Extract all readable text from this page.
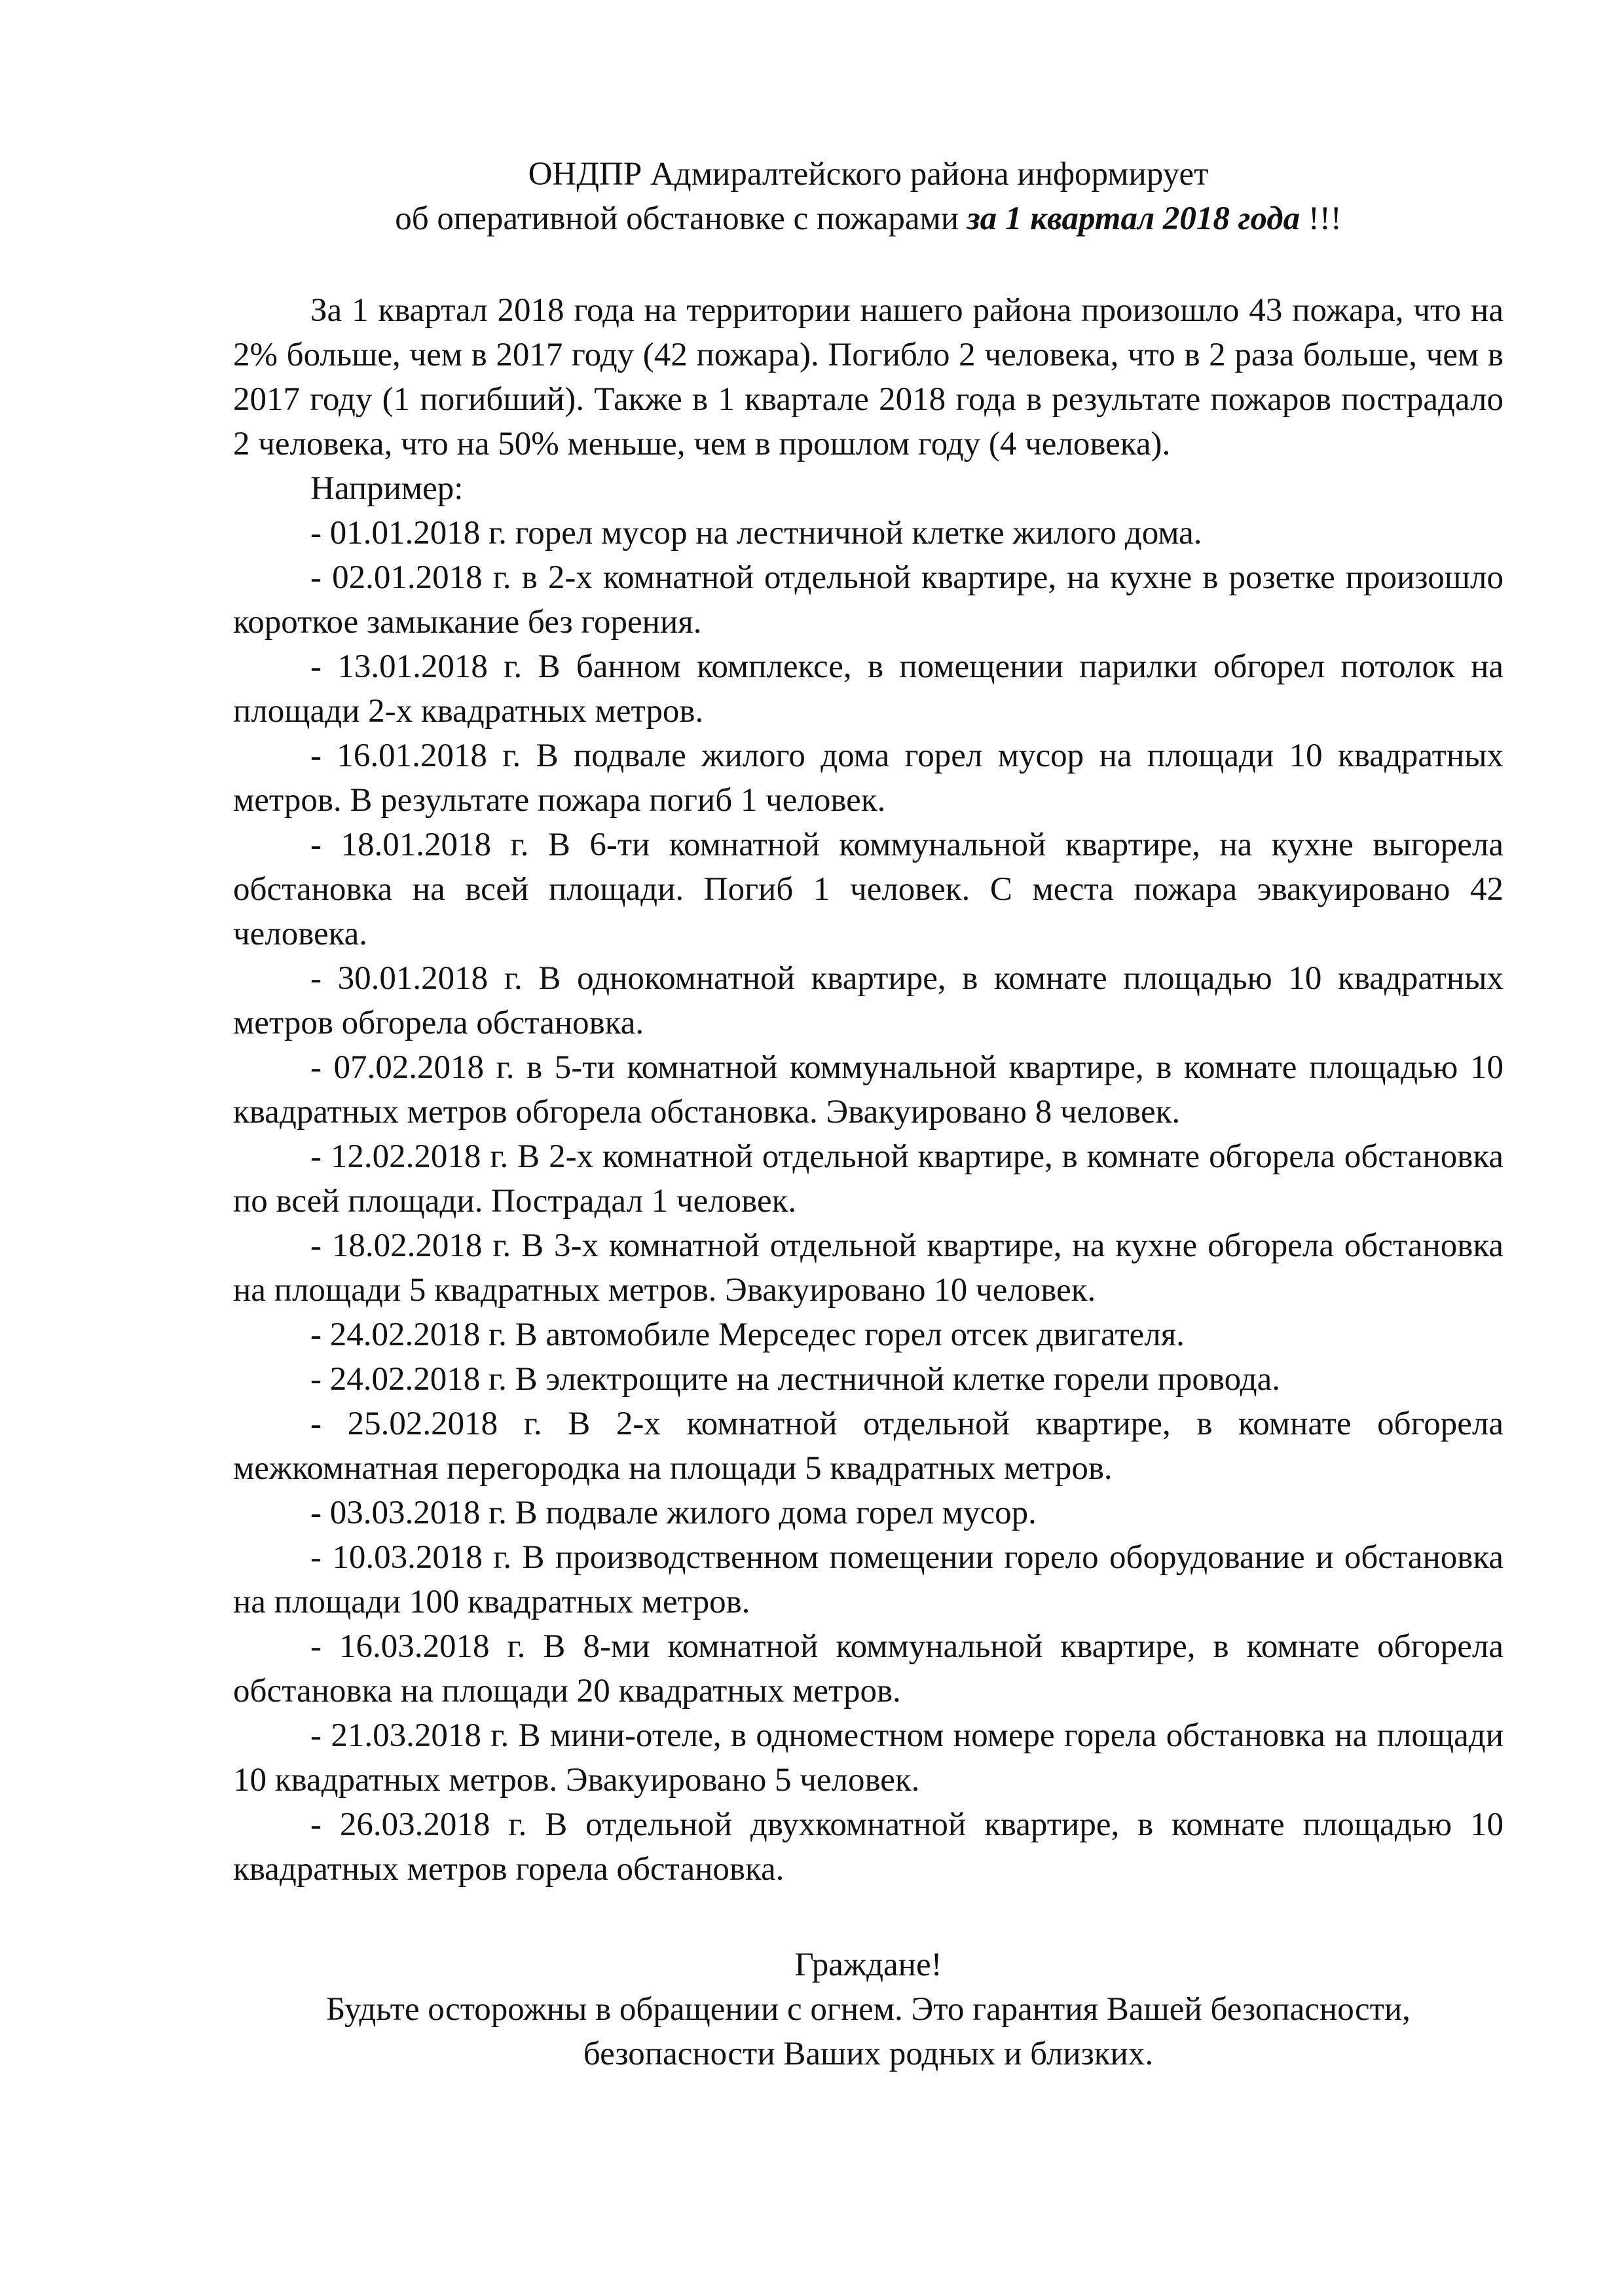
ОНДПР Адмиралтейского района информирует
об оперативной обстановке с пожарами за 1 квартал 2018 года !!!

За 1 квартал 2018 года на территории нашего района произошло 43 пожара, что на 2% больше, чем в 2017 году (42 пожара). Погибло 2 человека, что в 2 раза больше, чем в 2017 году (1 погибший). Также в 1 квартале 2018 года в результате пожаров пострадало 2 человека, что на 50% меньше, чем в прошлом году (4 человека).

Например:

- 01.01.2018 г. горел мусор на лестничной клетке жилого дома.

- 02.01.2018 г. в 2-х комнатной отдельной квартире, на кухне в розетке произошло короткое замыкание без горения.

- 13.01.2018 г. В банном комплексе, в помещении парилки обгорел потолок на площади 2-х квадратных метров.

- 16.01.2018 г. В подвале жилого дома горел мусор на площади 10 квадратных метров. В результате пожара погиб 1 человек.

- 18.01.2018 г. В 6-ти комнатной коммунальной квартире, на кухне выгорела обстановка на всей площади. Погиб 1 человек. С места пожара эвакуировано 42 человека.

- 30.01.2018 г. В однокомнатной квартире, в комнате площадью 10 квадратных метров обгорела обстановка.

- 07.02.2018 г. в 5-ти комнатной коммунальной квартире, в комнате площадью 10 квадратных метров обгорела обстановка. Эвакуировано 8 человек.

- 12.02.2018 г. В 2-х комнатной отдельной квартире, в комнате обгорела обстановка по всей площади. Пострадал 1 человек.

- 18.02.2018 г. В 3-х комнатной отдельной квартире, на кухне обгорела обстановка на площади 5 квадратных метров. Эвакуировано 10 человек.

- 24.02.2018 г. В автомобиле Мерседес горел отсек двигателя.

- 24.02.2018 г. В электрощите на лестничной клетке горели провода.

- 25.02.2018 г. В 2-х комнатной отдельной квартире, в комнате обгорела межкомнатная перегородка на площади 5 квадратных метров.

- 03.03.2018 г. В подвале жилого дома горел мусор.

- 10.03.2018 г. В производственном помещении горело оборудование и обстановка на площади 100 квадратных метров.

- 16.03.2018 г. В 8-ми комнатной коммунальной квартире, в комнате обгорела обстановка на площади 20 квадратных метров.

- 21.03.2018 г. В мини-отеле, в одноместном номере горела обстановка на площади 10 квадратных метров. Эвакуировано 5 человек.

- 26.03.2018 г. В отдельной двухкомнатной квартире, в комнате площадью 10 квадратных метров горела обстановка.

Граждане!
Будьте осторожны в обращении с огнем. Это гарантия Вашей безопасности,
безопасности Ваших родных и близких.
